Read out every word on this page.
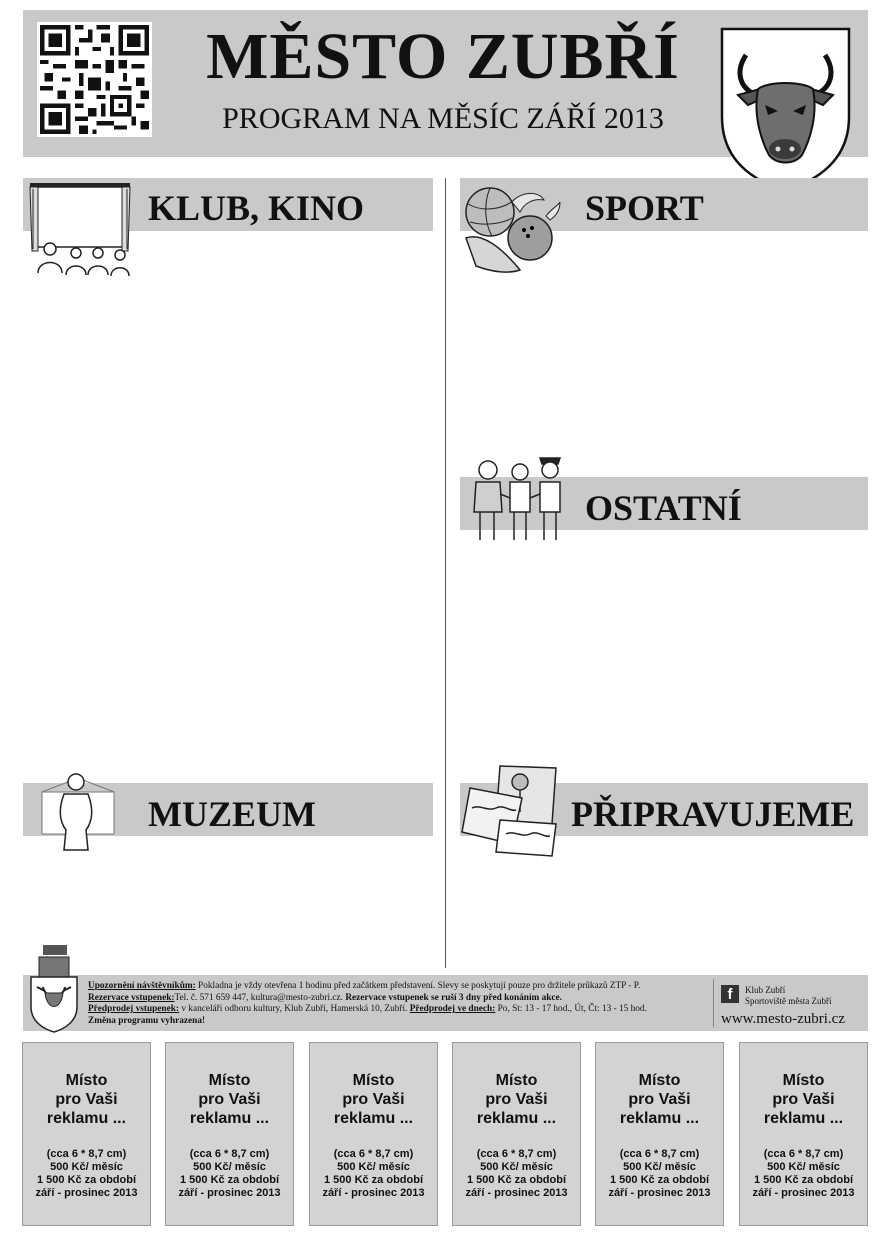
MĚSTO ZUBŘÍ
PROGRAM NA MĚSÍC ZÁŘÍ 2013
KLUB, KINO	SPORT
OSTATNÍ
MUZEUM	PŘIPRAVUJEME
Upozornění návštěvníkům: Pokladna je vždy otevřena 1 hodinu před začátkem představení. Slevy se poskytují pouze pro držitele průkazů ZTP - P.
Rezervace vstupenek:Tel. č. 571 659 447, kultura@mesto-zubri.cz. Rezervace vstupenek se ruší 3 dny před konáním akce.
Předprodej vstupenek: v kanceláři odboru kultury, Klub Zubří, Hamerská 10, Zubří. Předprodej ve dnech: Po, St: 13 - 17 hod., Út, Čt: 13 - 15 hod.
Změna programu vyhrazena!
f	Klub Zubří
Sportoviště města Zubří
www.mesto-zubri.cz
Místo
pro Vaši
reklamu ...
(cca 6 * 8,7 cm)
500 Kč/ měsíc
1 500 Kč za období
září - prosinec 2013
Místo
pro Vaši
reklamu ...
(cca 6 * 8,7 cm)
500 Kč/ měsíc
1 500 Kč za období
září - prosinec 2013
Místo
pro Vaši
reklamu ...
(cca 6 * 8,7 cm)
500 Kč/ měsíc
1 500 Kč za období
září - prosinec 2013
Místo
pro Vaši
reklamu ...
(cca 6 * 8,7 cm)
500 Kč/ měsíc
1 500 Kč za období
září - prosinec 2013
Místo
pro Vaši
reklamu ...
(cca 6 * 8,7 cm)
500 Kč/ měsíc
1 500 Kč za období
září - prosinec 2013
Místo
pro Vaši
reklamu ...
(cca 6 * 8,7 cm)
500 Kč/ měsíc
1 500 Kč za období
září - prosinec 2013
